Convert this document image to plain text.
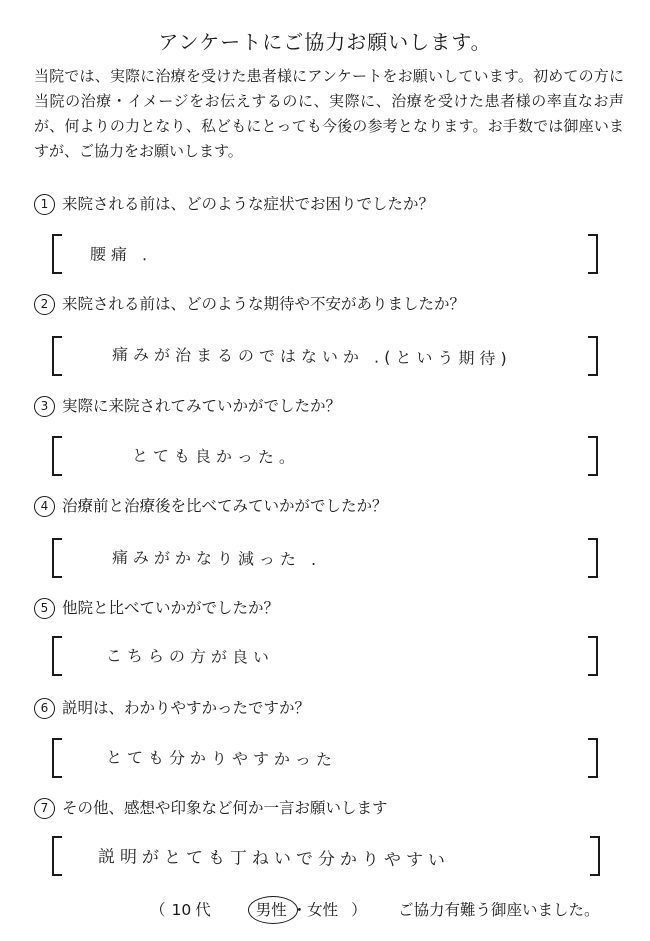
アンケートにご協力お願いします。
当院では、実際に治療を受けた患者様にアンケートをお願いしています。初めての方に当院の治療・イメージをお伝えするのに、実際に、治療を受けた患者様の率直なお声が、何よりの力となり、私どもにとっても今後の参考となります。お手数では御座いますが、ご協力をお願いします。
1 来院される前は、どのような症状でお困りでしたか？
腰痛 .
2 来院される前は、どのような期待や不安がありましたか？
痛みが治まるのではないか .(という期待)
3 実際に来院されてみていかがでしたか？
とても良かった。
4 治療前と治療後を比べてみていかがでしたか？
痛みがかなり減った .
5 他院と比べていかがでしたか？
こちらの方が良い
6 説明は、わかりやすかったですか？
とても分かりやすかった
7 その他、感想や印象など何か一言お願いします
説明がとても丁ねいで分かりやすい
（ 10 代	男性 ・女性 ） ご協力有難う御座いました。
